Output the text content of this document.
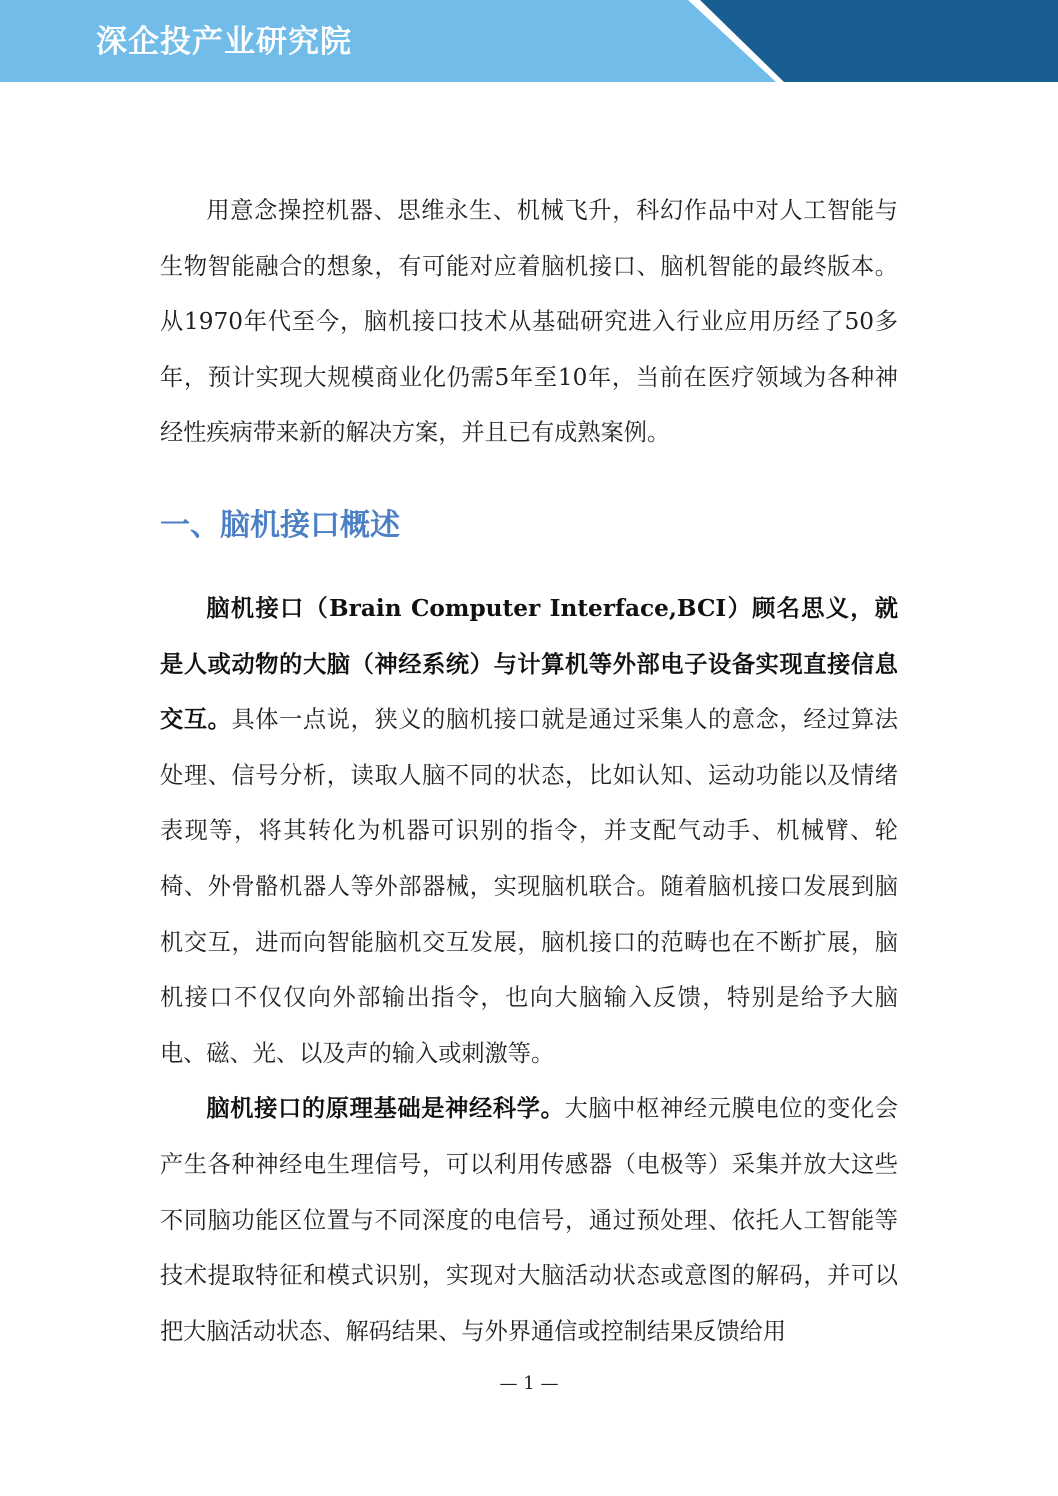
深企投产业研究院

用意念操控机器、思维永生、机械飞升，科幻作品中对人工智能与生物智能融合的想象，有可能对应着脑机接口、脑机智能的最终版本。从1970年代至今，脑机接口技术从基础研究进入行业应用历经了50多年，预计实现大规模商业化仍需5年至10年，当前在医疗领域为各种神经性疾病带来新的解决方案，并且已有成熟案例。

一、脑机接口概述

脑机接口（Brain Computer Interface,BCI）顾名思义，就是人或动物的大脑（神经系统）与计算机等外部电子设备实现直接信息交互。具体一点说，狭义的脑机接口就是通过采集人的意念，经过算法处理、信号分析，读取人脑不同的状态，比如认知、运动功能以及情绪表现等，将其转化为机器可识别的指令，并支配气动手、机械臂、轮椅、外骨骼机器人等外部器械，实现脑机联合。随着脑机接口发展到脑机交互，进而向智能脑机交互发展，脑机接口的范畴也在不断扩展，脑机接口不仅仅向外部输出指令，也向大脑输入反馈，特别是给予大脑电、磁、光、以及声的输入或刺激等。

脑机接口的原理基础是神经科学。大脑中枢神经元膜电位的变化会产生各种神经电生理信号，可以利用传感器（电极等）采集并放大这些不同脑功能区位置与不同深度的电信号，通过预处理、依托人工智能等技术提取特征和模式识别，实现对大脑活动状态或意图的解码，并可以把大脑活动状态、解码结果、与外界通信或控制结果反馈给用

— 1 —
